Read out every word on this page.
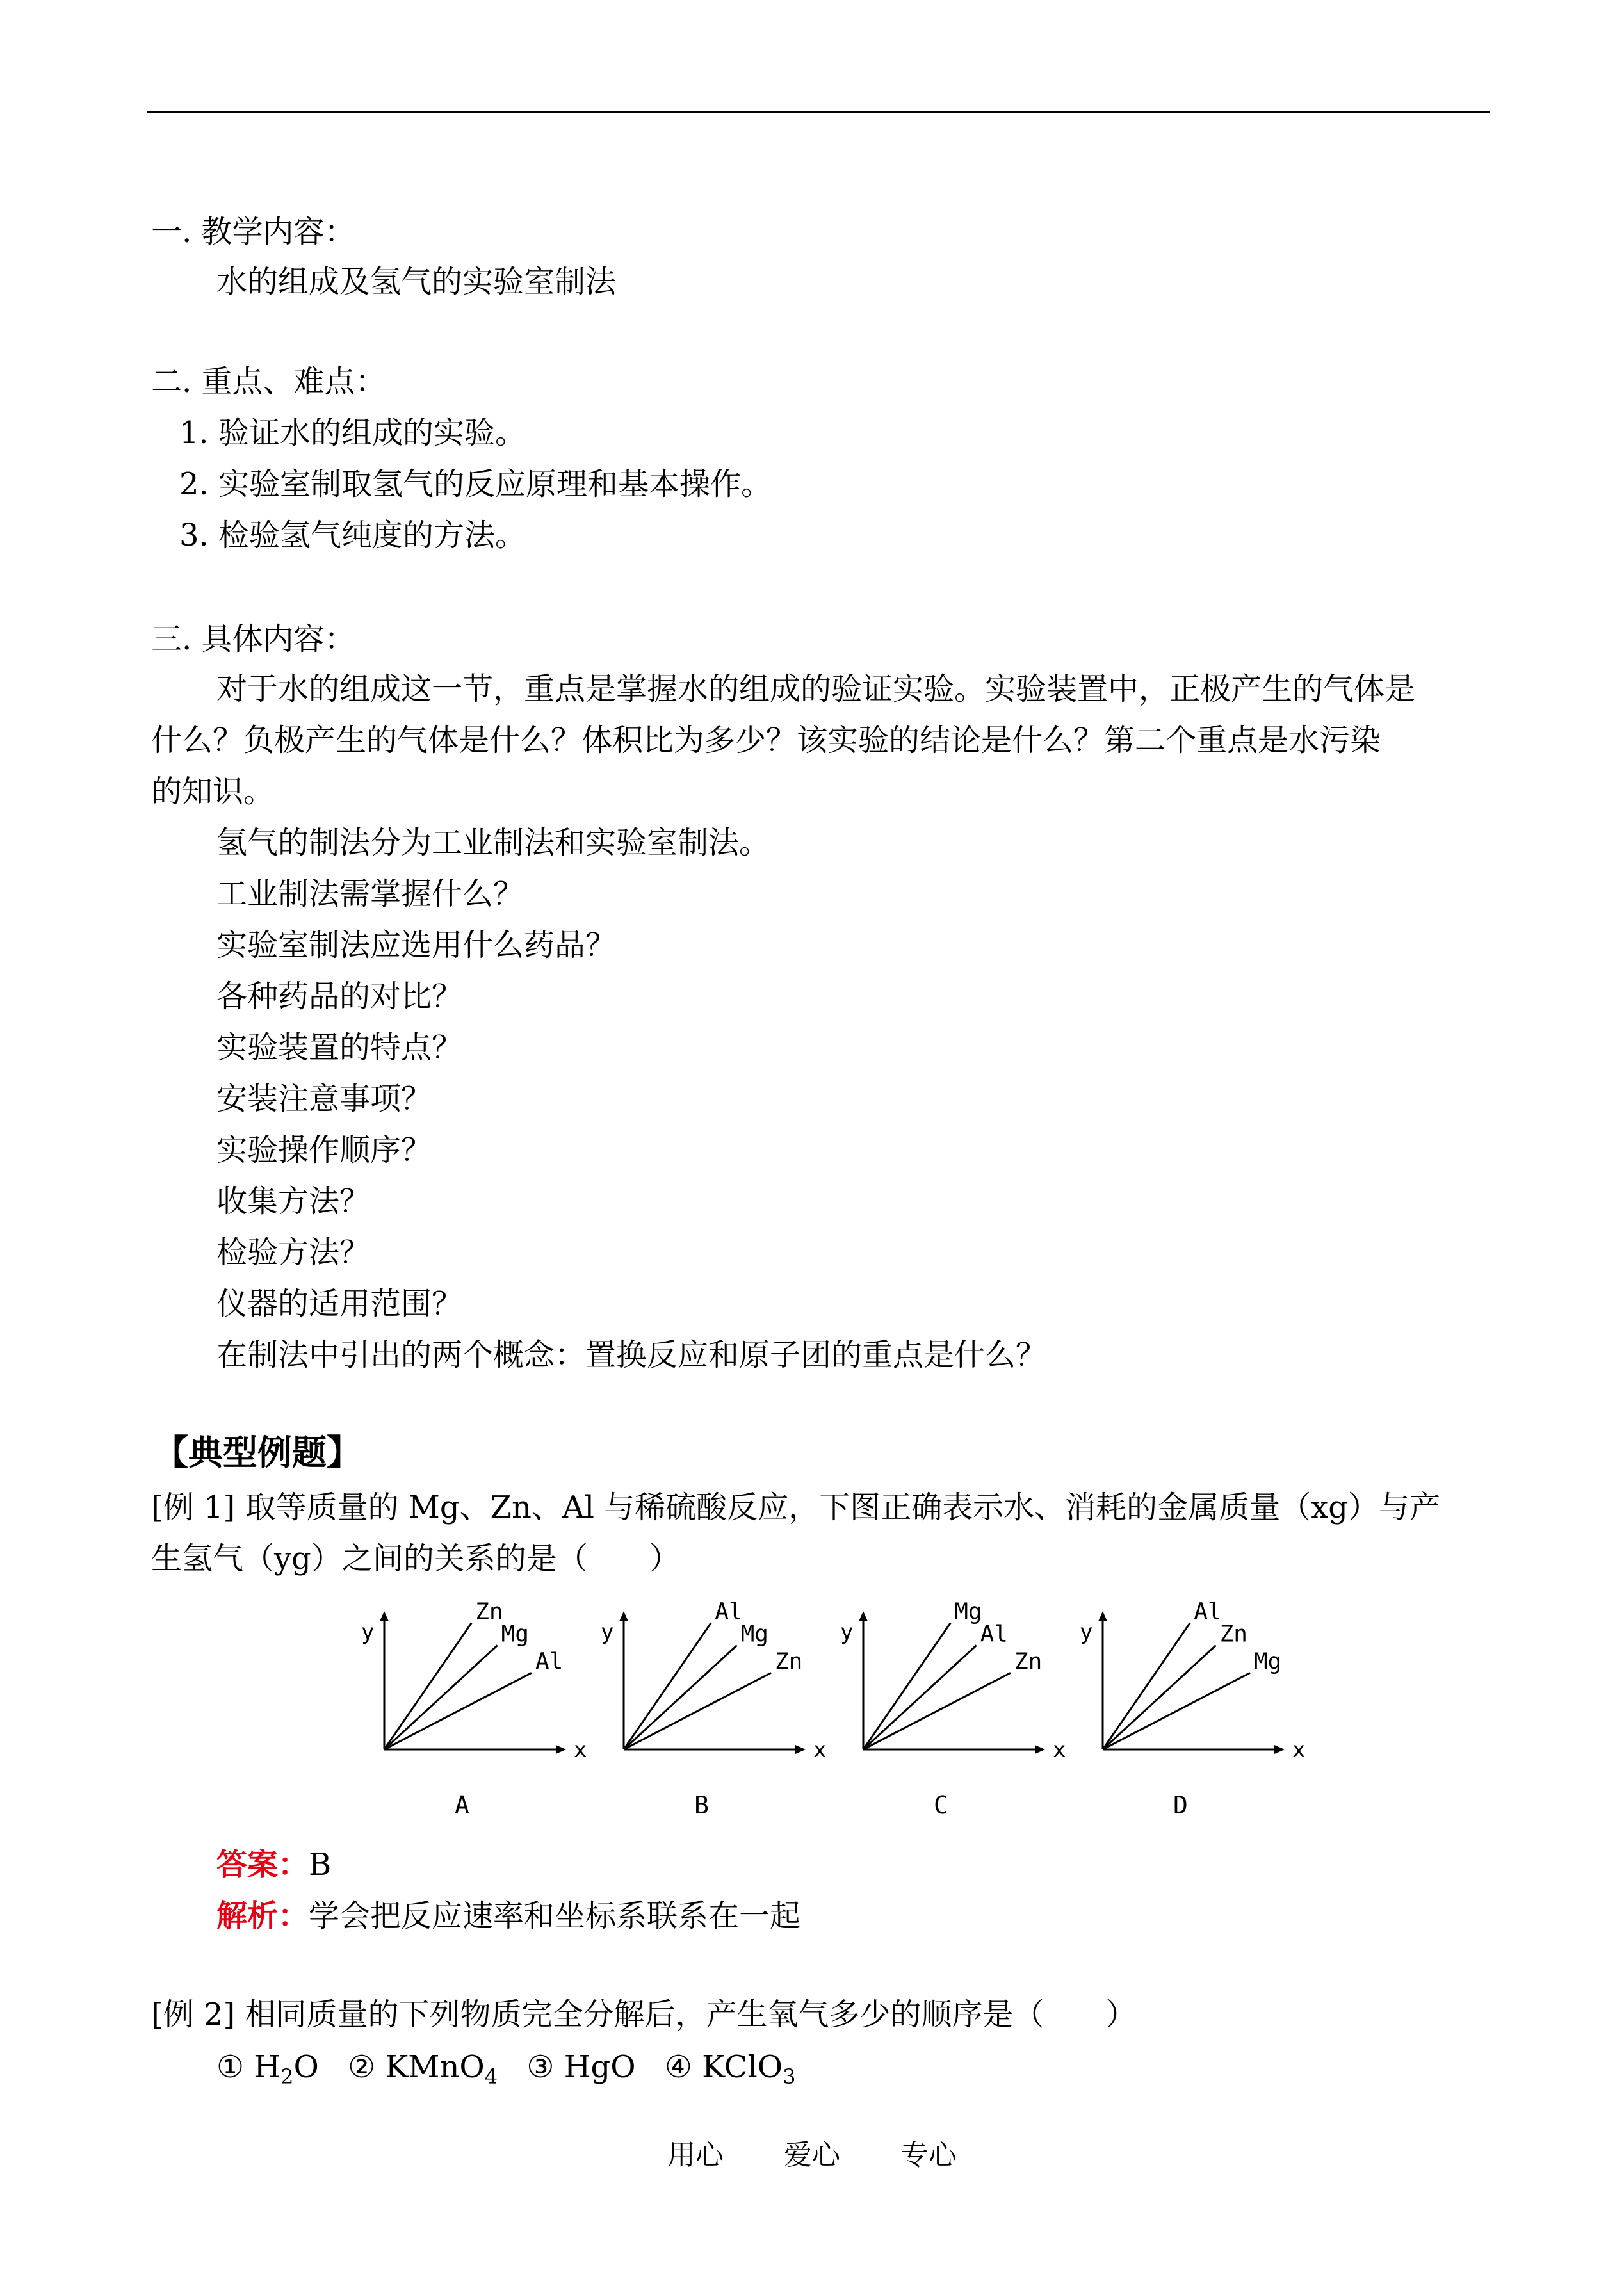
一. 教学内容：
水的组成及氢气的实验室制法
二. 重点、难点：
1. 验证水的组成的实验。
2. 实验室制取氢气的反应原理和基本操作。
3. 检验氢气纯度的方法。
三. 具体内容：
对于水的组成这一节，重点是掌握水的组成的验证实验。实验装置中，正极产生的气体是
什么？负极产生的气体是什么？体积比为多少？该实验的结论是什么？第二个重点是水污染
的知识。
氢气的制法分为工业制法和实验室制法。
工业制法需掌握什么？
实验室制法应选用什么药品？
各种药品的对比？
实验装置的特点？
安装注意事项？
实验操作顺序？
收集方法？
检验方法？
仪器的适用范围？
在制法中引出的两个概念：置换反应和原子团的重点是什么？
【典型例题】
[例 1] 取等质量的 Mg、Zn、Al 与稀硫酸反应，下图正确表示水、消耗的金属质量（xg）与产
生氢气（yg）之间的关系的是（　　）
x
y
Zn
Mg
Al
A
x
y
Al
Mg
Zn
B
x
y
Mg
Al
Zn
C
x
y
Al
Zn
Mg
D
答案：B
解析：学会把反应速率和坐标系联系在一起
[例 2] 相同质量的下列物质完全分解后，产生氧气多少的顺序是（　　）
① $H_2O$ ② KMnO$_4$ ③ HgO ④ KClO$_3$
用心 爱心 专心
